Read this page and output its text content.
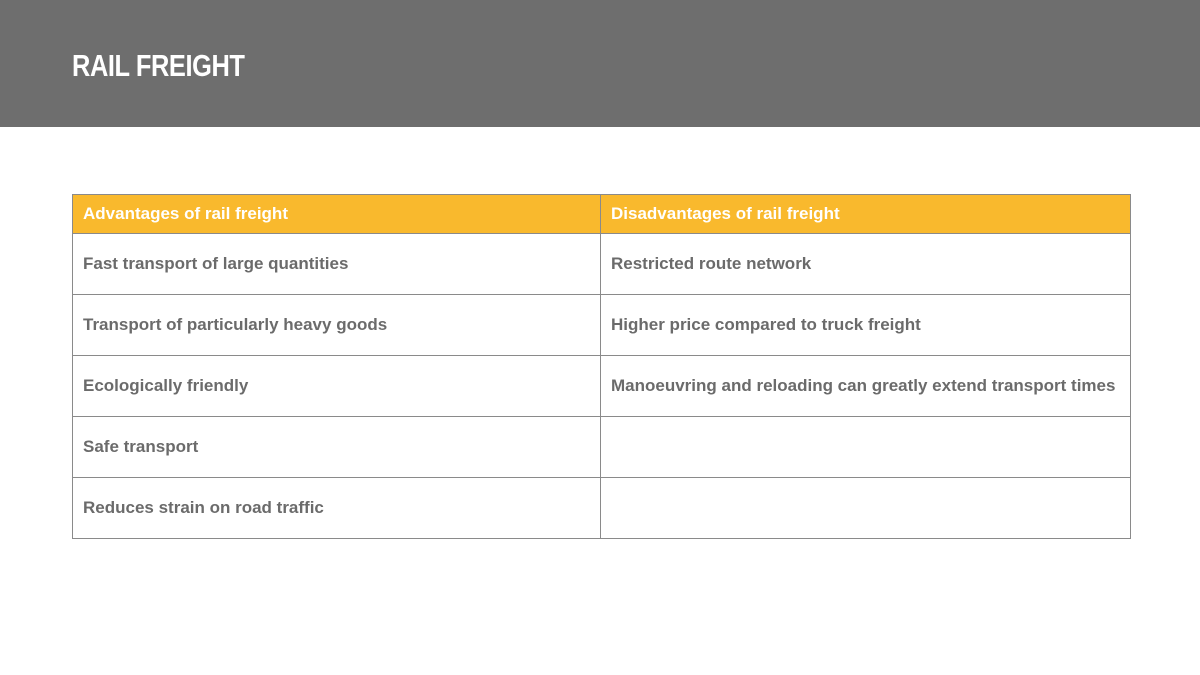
RAIL FREIGHT
Advantages of rail freight	Disadvantages of rail freight
Fast transport of large quantities	Restricted route network
Transport of particularly heavy goods	Higher price compared to truck freight
Ecologically friendly	Manoeuvring and reloading can greatly extend transport times
Safe transport	
Reduces strain on road traffic	
